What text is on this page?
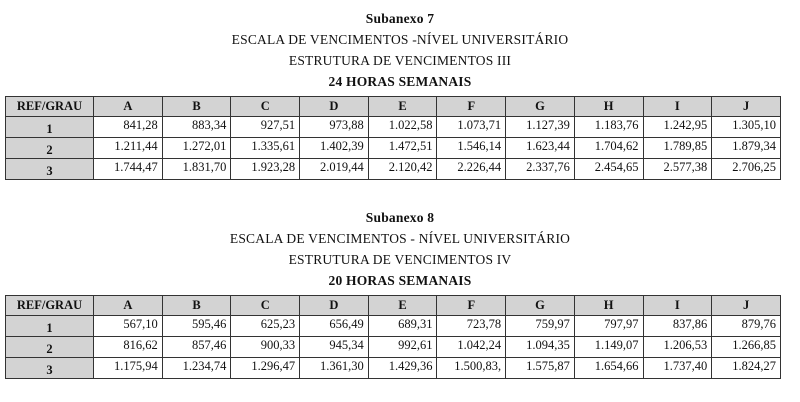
Subanexo 7
ESCALA DE VENCIMENTOS -NÍVEL UNIVERSITÁRIO
ESTRUTURA DE VENCIMENTOS III
24 HORAS SEMANAIS
REF/GRAU	A	B	C	D	E	F	G	H	I	J
1	841,28	883,34	927,51	973,88	1.022,58	1.073,71	1.127,39	1.183,76	1.242,95	1.305,10
2	1.211,44	1.272,01	1.335,61	1.402,39	1.472,51	1.546,14	1.623,44	1.704,62	1.789,85	1.879,34
3	1.744,47	1.831,70	1.923,28	2.019,44	2.120,42	2.226,44	2.337,76	2.454,65	2.577,38	2.706,25
Subanexo 8
ESCALA DE VENCIMENTOS - NÍVEL UNIVERSITÁRIO
ESTRUTURA DE VENCIMENTOS IV
20 HORAS SEMANAIS
REF/GRAU	A	B	C	D	E	F	G	H	I	J
1	567,10	595,46	625,23	656,49	689,31	723,78	759,97	797,97	837,86	879,76
2	816,62	857,46	900,33	945,34	992,61	1.042,24	1.094,35	1.149,07	1.206,53	1.266,85
3	1.175,94	1.234,74	1.296,47	1.361,30	1.429,36	1.500,83,	1.575,87	1.654,66	1.737,40	1.824,27
